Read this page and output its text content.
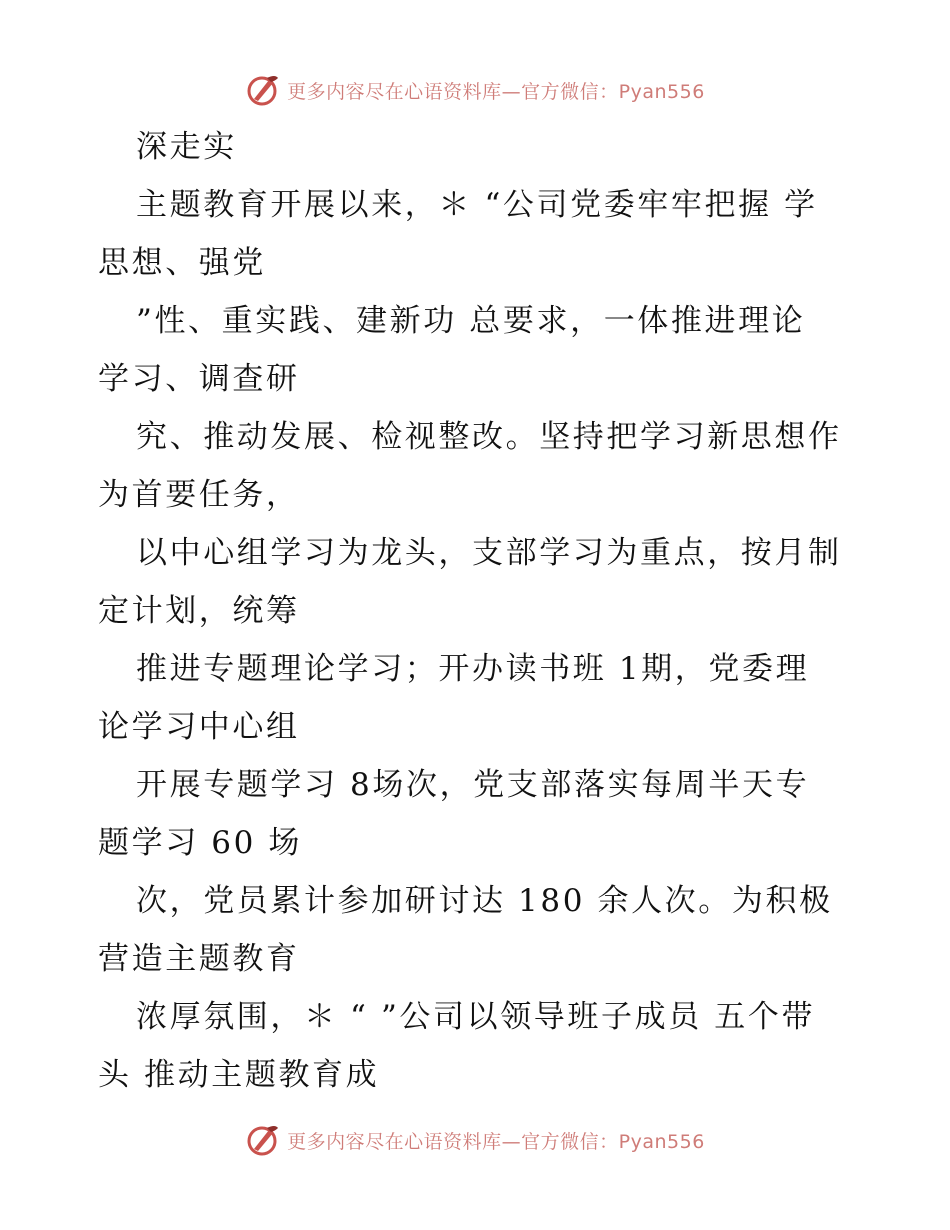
更多内容尽在心语资料库—官方微信：Pyan556

深走实

主题教育开展以来，＊ “公司党委牢牢把握 学

思想、强党

”性、重实践、建新功 总要求，一体推进理论

学习、调查研

究、推动发展、检视整改。坚持把学习新思想作

为首要任务，

以中心组学习为龙头，支部学习为重点，按月制

定计划，统筹

推进专题理论学习；开办读书班 1期，党委理

论学习中心组

开展专题学习 8场次，党支部落实每周半天专

题学习 60 场

次，党员累计参加研讨达 180 余人次。为积极

营造主题教育

浓厚氛围，＊ “ ”公司以领导班子成员 五个带

头 推动主题教育成

更多内容尽在心语资料库—官方微信：Pyan556
